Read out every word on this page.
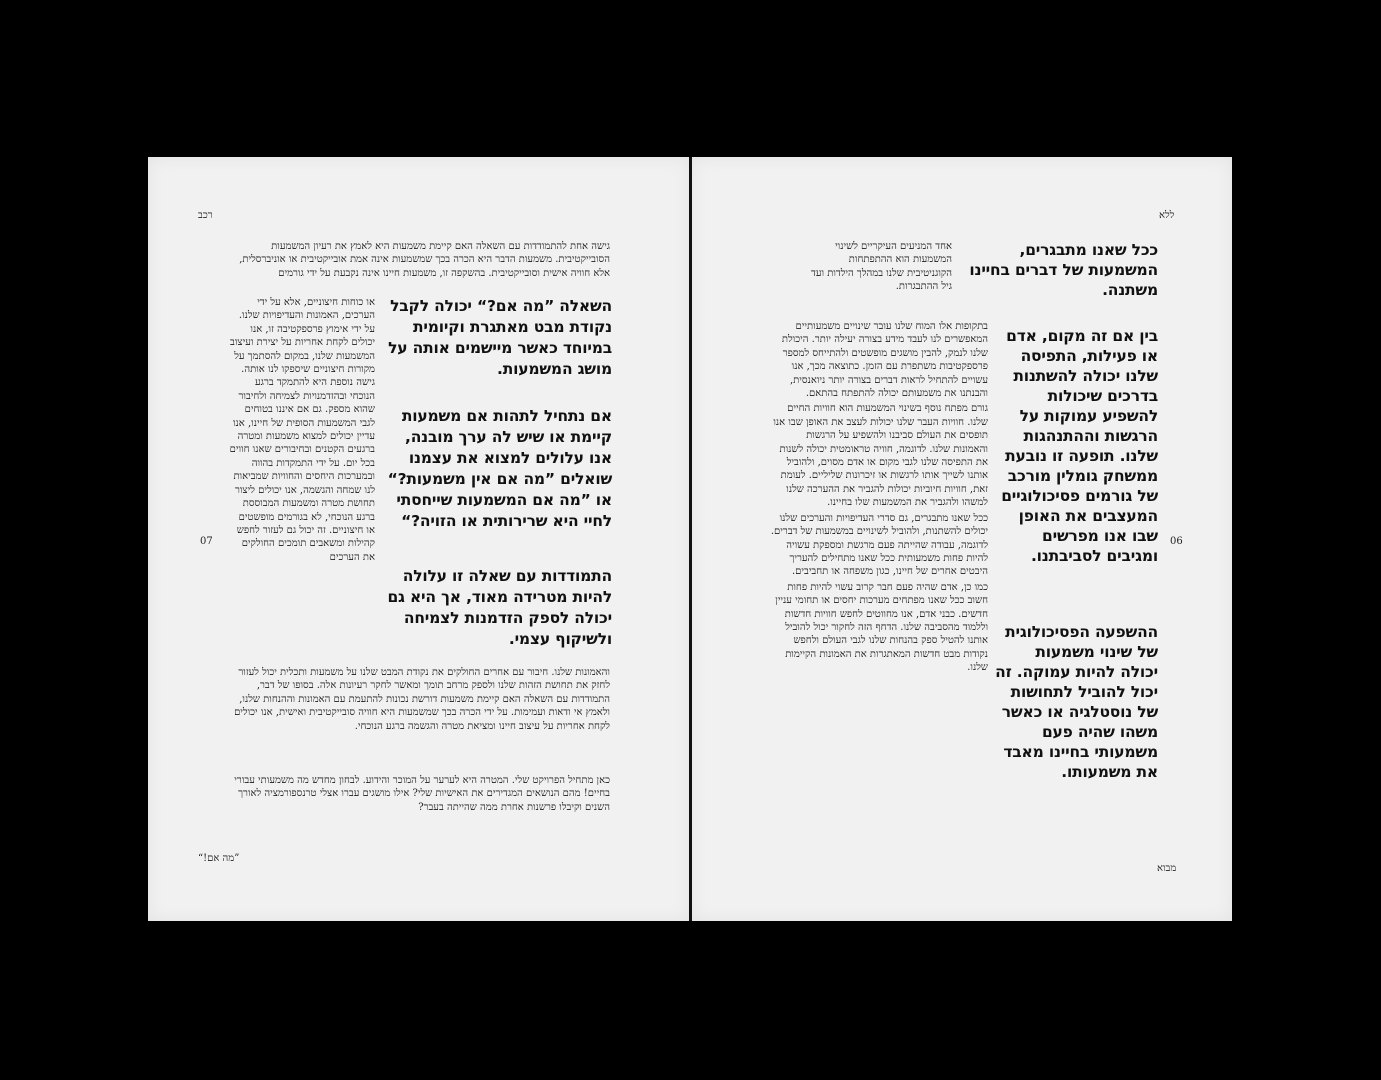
רכב
07
”מה אם!“

גישה אחת להתמודדות עם השאלה האם קיימת משמעות היא לאמץ את רעיון המשמעות הסובייקטיבית. משמעות הדבר היא הכרה בכך שמשמעות אינה אמת אובייקטיבית או אוניברסלית, אלא חוויה אישית וסובייקטיבית. בהשקפה זו, משמעות חיינו אינה נקבעת על ידי גורמים

או כוחות חיצוניים, אלא על ידי הערכים, האמונות והעדיפויות שלנו. על ידי אימוץ פרספקטיבה זו, אנו יכולים לקחת אחריות על יצירת ועיצוב המשמעות שלנו, במקום להסתמך על מקורות חיצוניים שיספקו לנו אותה. גישה נוספת היא להתמקד ברגע הנוכחי ובהזדמנויות לצמיחה ולחיבור שהוא מספק. גם אם איננו בטוחים לגבי המשמעות הסופית של חיינו, אנו עדיין יכולים למצוא משמעות ומטרה ברגעים הקטנים ובחיבורים שאנו חווים בכל יום. על ידי התמקדות בהווה ובמערכות היחסים והחוויות שמביאות לנו שמחה והגשמה, אנו יכולים ליצור תחושת מטרה ומשמעות המבוססת ברגע הנוכחי, לא בגורמים מופשטים או חיצוניים. זה יכול גם לעזור לחפש קהילות ומשאבים תומכים החולקים את הערכים

השאלה ”מה אם?“ יכולה לקבל נקודת מבט מאתגרת וקיומית במיוחד כאשר מיישמים אותה על מושג המשמעות.

אם נתחיל לתהות אם משמעות קיימת או שיש לה ערך מובנה, אנו עלולים למצוא את עצמנו שואלים ”מה אם אין משמעות?“ או ”מה אם המשמעות שייחסתי לחיי היא שרירותית או הזויה?“

התמודדות עם שאלה זו עלולה להיות מטרידה מאוד, אך היא גם יכולה לספק הזדמנות לצמיחה ולשיקוף עצמי.

והאמונות שלנו. חיבור עם אחרים החולקים את נקודת המבט שלנו על משמעות ותכלית יכול לעזור לחזק את תחושת הזהות שלנו ולספק מרחב תומך ומאשר לחקר רעיונות אלה. בסופו של דבר, התמודדות עם השאלה האם קיימת משמעות דורשת נכונות להתעמת עם האמונות וההנחות שלנו, ולאמץ אי ודאות ועמימות. על ידי הכרה בכך שמשמעות היא חוויה סובייקטיבית ואישית, אנו יכולים לקחת אחריות על עיצוב חיינו ומציאת מטרה והגשמה ברגע הנוכחי.

כאן מתחיל הפרויקט שלי. המטרה היא לערער על המוכר והידוע. לבחון מחדש מה משמעותי עבורי בחיים! מהם הנושאים המגדירים את האישיות שלי? אילו מושגים עברו אצלי טרנספורמציה לאורך השנים וקיבלו פרשנות אחרת ממה שהייתה בעבר?

ללא
06
מבוא

ככל שאנו מתבגרים, המשמעות של דברים בחיינו משתנה.

בין אם זה מקום, אדם או פעילות, התפיסה שלנו יכולה להשתנות בדרכים שיכולות להשפיע עמוקות על הרגשות וההתנהגות שלנו. תופעה זו נובעת ממשחק גומלין מורכב של גורמים פסיכולוגיים המעצבים את האופן שבו אנו מפרשים ומגיבים לסביבתנו.

ההשפעה הפסיכולוגית של שינוי משמעות יכולה להיות עמוקה. זה יכול להוביל לתחושות של נוסטלגיה או כאשר משהו שהיה פעם משמעותי בחיינו מאבד את משמעותו.

אחד המניעים העיקריים לשינוי המשמעות הוא ההתפתחות הקוגניטיבית שלנו במהלך הילדות ועד גיל ההתבגרות.

בתקופות אלו המוח שלנו עובר שינויים משמעותיים המאפשרים לנו לעבד מידע בצורה יעילה יותר. היכולת שלנו לנמק, להבין מושגים מופשטים ולהתייחס למספר פרספקטיבות משתפרת עם הזמן. כתוצאה מכך, אנו עשויים להתחיל לראות דברים בצורה יותר ניואנסית, והבנתנו את משמעותם יכולה להתפתח בהתאם.

גורם מפתח נוסף בשינוי המשמעות הוא חוויות החיים שלנו. חוויות העבר שלנו יכולות לעצב את האופן שבו אנו תופסים את העולם סביבנו ולהשפיע על הרגשות והאמונות שלנו. לדוגמה, חוויה טראומטית יכולה לשנות את התפיסה שלנו לגבי מקום או אדם מסוים, ולהוביל אותנו לשייך אותו לרגשות או זיכרונות שליליים. לעומת זאת, חוויות חיוביות יכולות להגביר את ההערכה שלנו למשהו ולהגביר את המשמעות שלו בחיינו.

ככל שאנו מתבגרים, גם סדרי העדיפויות והערכים שלנו יכולים להשתנות, ולהוביל לשינויים במשמעות של דברים. לדוגמה, עבודה שהייתה פעם מרגשת ומספקת עשויה להיות פחות משמעותית ככל שאנו מתחילים להעריך היבטים אחרים של חיינו, כגון משפחה או תחביבים.

כמו כן, אדם שהיה פעם חבר קרוב עשוי להיות פחות חשוב ככל שאנו מפתחים מערכות יחסים או תחומי עניין חדשים. כבני אדם, אנו מחווטים לחפש חוויות חדשות וללמוד מהסביבה שלנו. הדחף הזה לחקור יכול להוביל אותנו להטיל ספק בהנחות שלנו לגבי העולם ולחפש נקודות מבט חדשות המאתגרות את האמונות הקיימות שלנו.
